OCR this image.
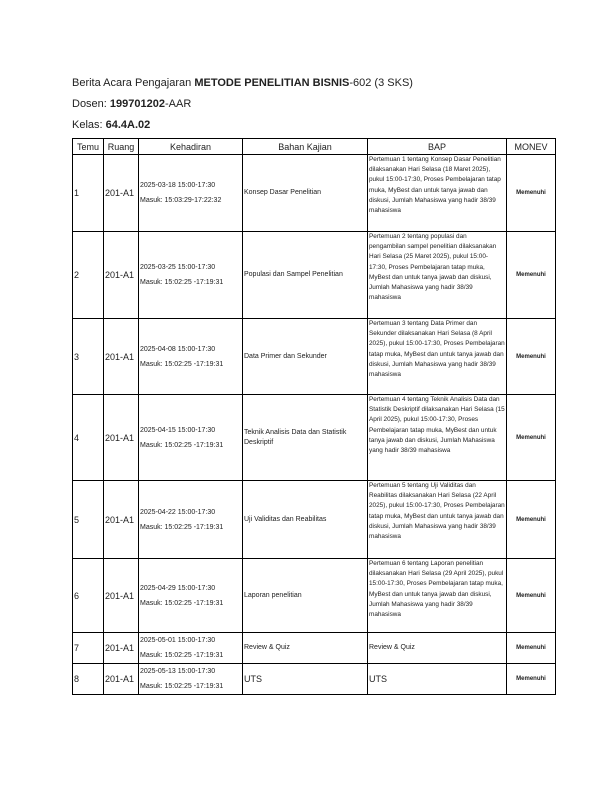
Berita Acara Pengajaran METODE PENELITIAN BISNIS-602 (3 SKS)
Dosen: 199701202-AAR
Kelas: 64.4A.02
Temu	Ruang	Kehadiran	Bahan Kajian	BAP	MONEV
1	201-A1	2025-03-18 15:00-17:30
Masuk: 15:03:29-17:22:32	Konsep Dasar Penelitian	Pertemuan 1 tentang Konsep Dasar Penelitian dilaksanakan Hari Selasa (18 Maret 2025), pukul 15:00-17:30, Proses Pembelajaran tatap muka, MyBest dan untuk tanya jawab dan diskusi, Jumlah Mahasiswa yang hadir 38/39 mahasiswa	Memenuhi
2	201-A1	2025-03-25 15:00-17:30
Masuk: 15:02:25 -17:19:31	Populasi dan Sampel Penelitian	Pertemuan 2 tentang populasi dan pengambilan sampel penelitian dilaksanakan Hari Selasa (25 Maret 2025), pukul 15:00-17:30, Proses Pembelajaran tatap muka, MyBest dan untuk tanya jawab dan diskusi, Jumlah Mahasiswa yang hadir 38/39 mahasiswa	Memenuhi
3	201-A1	2025-04-08 15:00-17:30
Masuk: 15:02:25 -17:19:31	Data Primer dan Sekunder	Pertemuan 3 tentang Data Primer dan Sekunder dilaksanakan Hari Selasa (8 April 2025), pukul 15:00-17:30, Proses Pembelajaran tatap muka, MyBest dan untuk tanya jawab dan diskusi, Jumlah Mahasiswa yang hadir 38/39 mahasiswa	Memenuhi
4	201-A1	2025-04-15 15:00-17:30
Masuk: 15:02:25 -17:19:31	Teknik Analisis Data dan Statistik Deskriptif	Pertemuan 4 tentang Teknik Analisis Data dan Statistik Deskriptif dilaksanakan Hari Selasa (15 April 2025), pukul 15:00-17:30, Proses Pembelajaran tatap muka, MyBest dan untuk tanya jawab dan diskusi, Jumlah Mahasiswa yang hadir 38/39 mahasiswa	Memenuhi
5	201-A1	2025-04-22 15:00-17:30
Masuk: 15:02:25 -17:19:31	Uji Validitas dan Reabilitas	Pertemuan 5 tentang Uji Validitas dan Reabilitas dilaksanakan Hari Selasa (22 April 2025), pukul 15:00-17:30, Proses Pembelajaran tatap muka, MyBest dan untuk tanya jawab dan diskusi, Jumlah Mahasiswa yang hadir 38/39 mahasiswa	Memenuhi
6	201-A1	2025-04-29 15:00-17:30
Masuk: 15:02:25 -17:19:31	Laporan penelitian	Pertemuan 6 tentang Laporan penelitian dilaksanakan Hari Selasa (29 April 2025), pukul 15:00-17:30, Proses Pembelajaran tatap muka, MyBest dan untuk tanya jawab dan diskusi, Jumlah Mahasiswa yang hadir 38/39 mahasiswa	Memenuhi
7	201-A1	2025-05-01 15:00-17:30
Masuk: 15:02:25 -17:19:31	Review & Quiz	Review & Quiz	Memenuhi
8	201-A1	2025-05-13 15:00-17:30
Masuk: 15:02:25 -17:19:31	UTS	UTS	Memenuhi
